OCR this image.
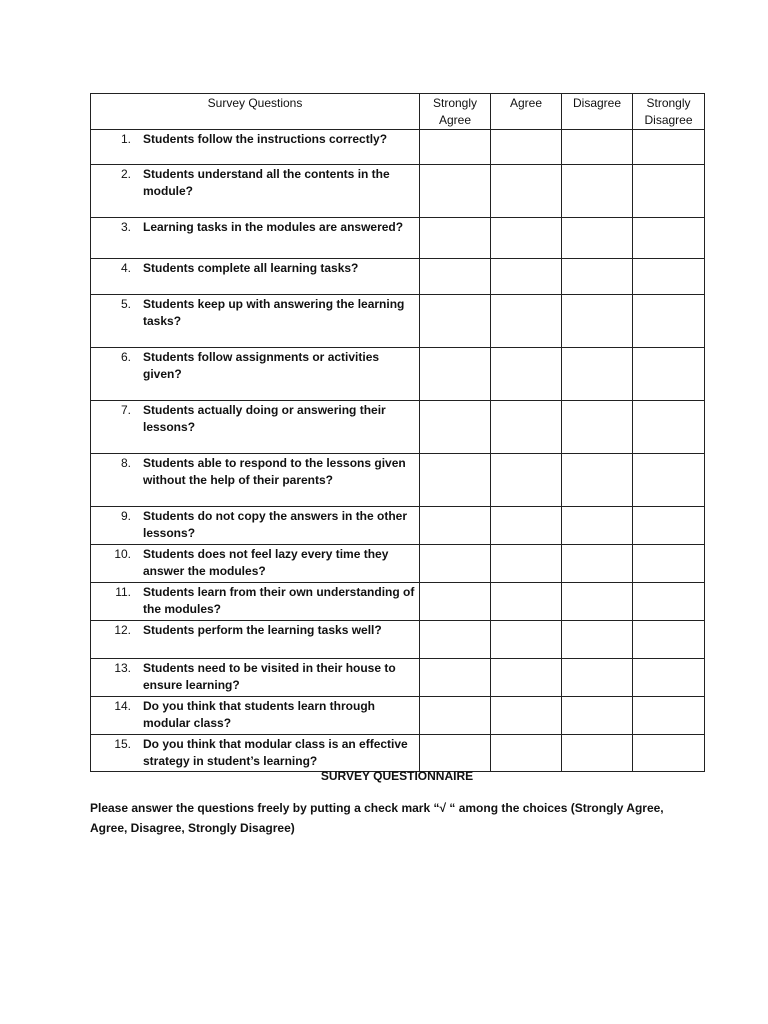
Survey Questions	Strongly Agree	Agree	Disagree	Strongly Disagree

1. Students follow the instructions correctly?				

2. Students understand all the contents in the module?				

3. Learning tasks in the modules are answered?				

4. Students complete all learning tasks?				

5. Students keep up with answering the learning tasks?				

6. Students follow assignments or activities given?				

7. Students actually doing or answering their lessons?				

8. Students able to respond to the lessons given without the help of their parents?				

9. Students do not copy the answers in the other lessons?				

10. Students does not feel lazy every time they answer the modules?				

11. Students learn from their own understanding of the modules?				

12. Students perform the learning tasks well?				

13. Students need to be visited in their house to ensure learning?				

14. Do you think that students learn through modular class?				

15. Do you think that modular class is an effective strategy in student’s learning?				

SURVEY QUESTIONNAIRE
Please answer the questions freely by putting a check mark “√ “ among the choices (Strongly Agree, Agree, Disagree, Strongly Disagree)
